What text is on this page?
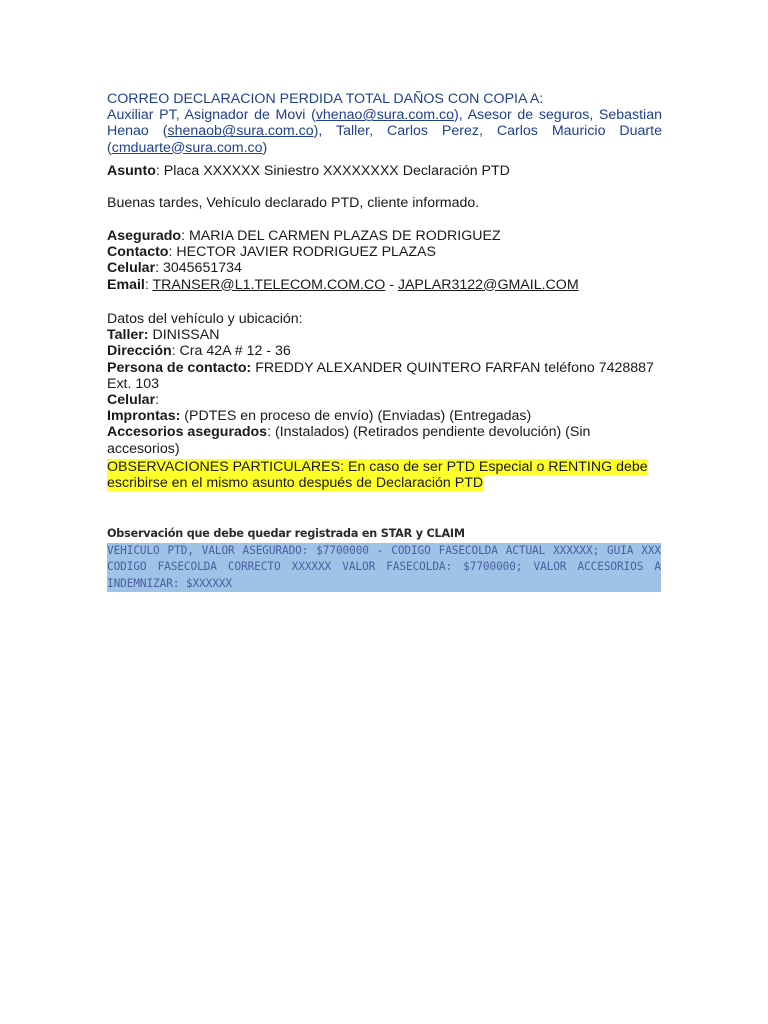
CORREO DECLARACION PERDIDA TOTAL DAÑOS CON COPIA A:
Auxiliar PT, Asignador de Movi (vhenao@sura.com.co), Asesor de seguros, Sebastian Henao (shenaob@sura.com.co), Taller, Carlos Perez, Carlos Mauricio Duarte (cmduarte@sura.com.co)
Asunto: Placa XXXXXX Siniestro XXXXXXXX Declaración PTD
Buenas tardes, Vehículo declarado PTD, cliente informado.
Asegurado: MARIA DEL CARMEN PLAZAS DE RODRIGUEZ
Contacto: HECTOR JAVIER RODRIGUEZ PLAZAS
Celular: 3045651734
Email: TRANSER@L1.TELECOM.COM.CO - JAPLAR3122@GMAIL.COM
Datos del vehículo y ubicación:
Taller: DINISSAN
Dirección: Cra 42A # 12 - 36
Persona de contacto: FREDDY ALEXANDER QUINTERO FARFAN teléfono 7428887
Ext. 103
Celular:
Improntas: (PDTES en proceso de envío) (Enviadas) (Entregadas)
Accesorios asegurados: (Instalados) (Retirados pendiente devolución) (Sin accesorios)
OBSERVACIONES PARTICULARES: En caso de ser PTD Especial o RENTING debe
escribirse en el mismo asunto después de Declaración PTD
Observación que debe quedar registrada en STAR y CLAIM
VEHICULO PTD, VALOR ASEGURADO: $7700000 - CODIGO FASECOLDA ACTUAL XXXXXX; GUIA XXX CODIGO FASECOLDA CORRECTO XXXXXX VALOR FASECOLDA: $7700000; VALOR ACCESORIOS A INDEMNIZAR: $XXXXXX
